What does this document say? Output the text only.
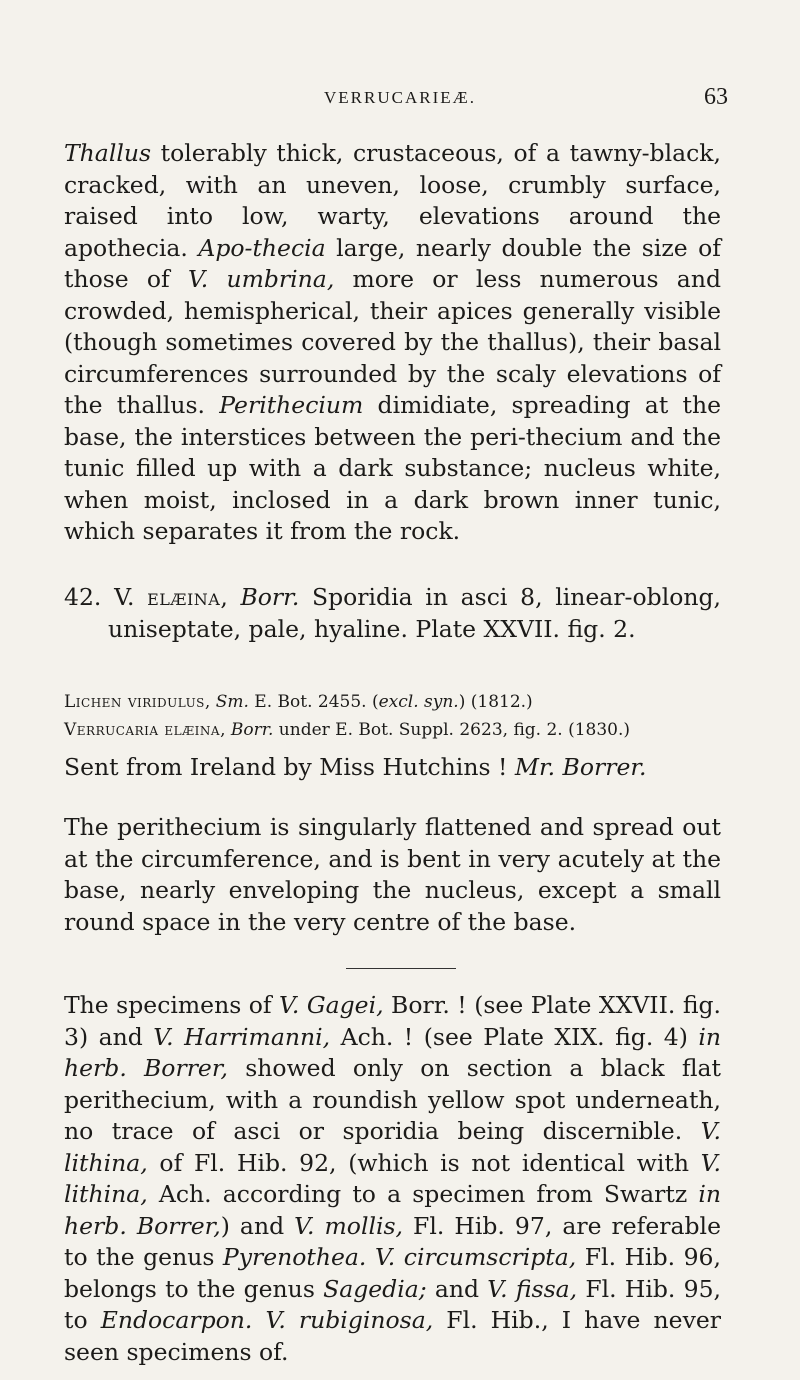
VERRUCARIEÆ.	63

Thallus tolerably thick, crustaceous, of a tawny-black, cracked, with an uneven, loose, crumbly surface, raised into low, warty, elevations around the apothecia. Apo-thecia large, nearly double the size of those of V. umbrina, more or less numerous and crowded, hemispherical, their apices generally visible (though sometimes covered by the thallus), their basal circumferences surrounded by the scaly elevations of the thallus. Perithecium dimidiate, spreading at the base, the interstices between the peri-thecium and the tunic filled up with a dark substance; nucleus white, when moist, inclosed in a dark brown inner tunic, which separates it from the rock.

42. V. elæina, Borr. Sporidia in asci 8, linear-oblong, uniseptate, pale, hyaline. Plate XXVII. fig. 2.

Lichen viridulus, Sm. E. Bot. 2455. (excl. syn.) (1812.)

Verrucaria elæina, Borr. under E. Bot. Suppl. 2623, fig. 2. (1830.)

Sent from Ireland by Miss Hutchins ! Mr. Borrer.

The perithecium is singularly flattened and spread out at the circumference, and is bent in very acutely at the base, nearly enveloping the nucleus, except a small round space in the very centre of the base.

The specimens of V. Gagei, Borr. ! (see Plate XXVII. fig. 3) and V. Harrimanni, Ach. ! (see Plate XIX. fig. 4) in herb. Borrer, showed only on section a black flat perithecium, with a roundish yellow spot underneath, no trace of asci or sporidia being discernible. V. lithina, of Fl. Hib. 92, (which is not identical with V. lithina, Ach. according to a specimen from Swartz in herb. Borrer,) and V. mollis, Fl. Hib. 97, are referable to the genus Pyrenothea. V. circumscripta, Fl. Hib. 96, belongs to the genus Sagedia; and V. fissa, Fl. Hib. 95, to Endocarpon. V. rubiginosa, Fl. Hib., I have never seen specimens of.
